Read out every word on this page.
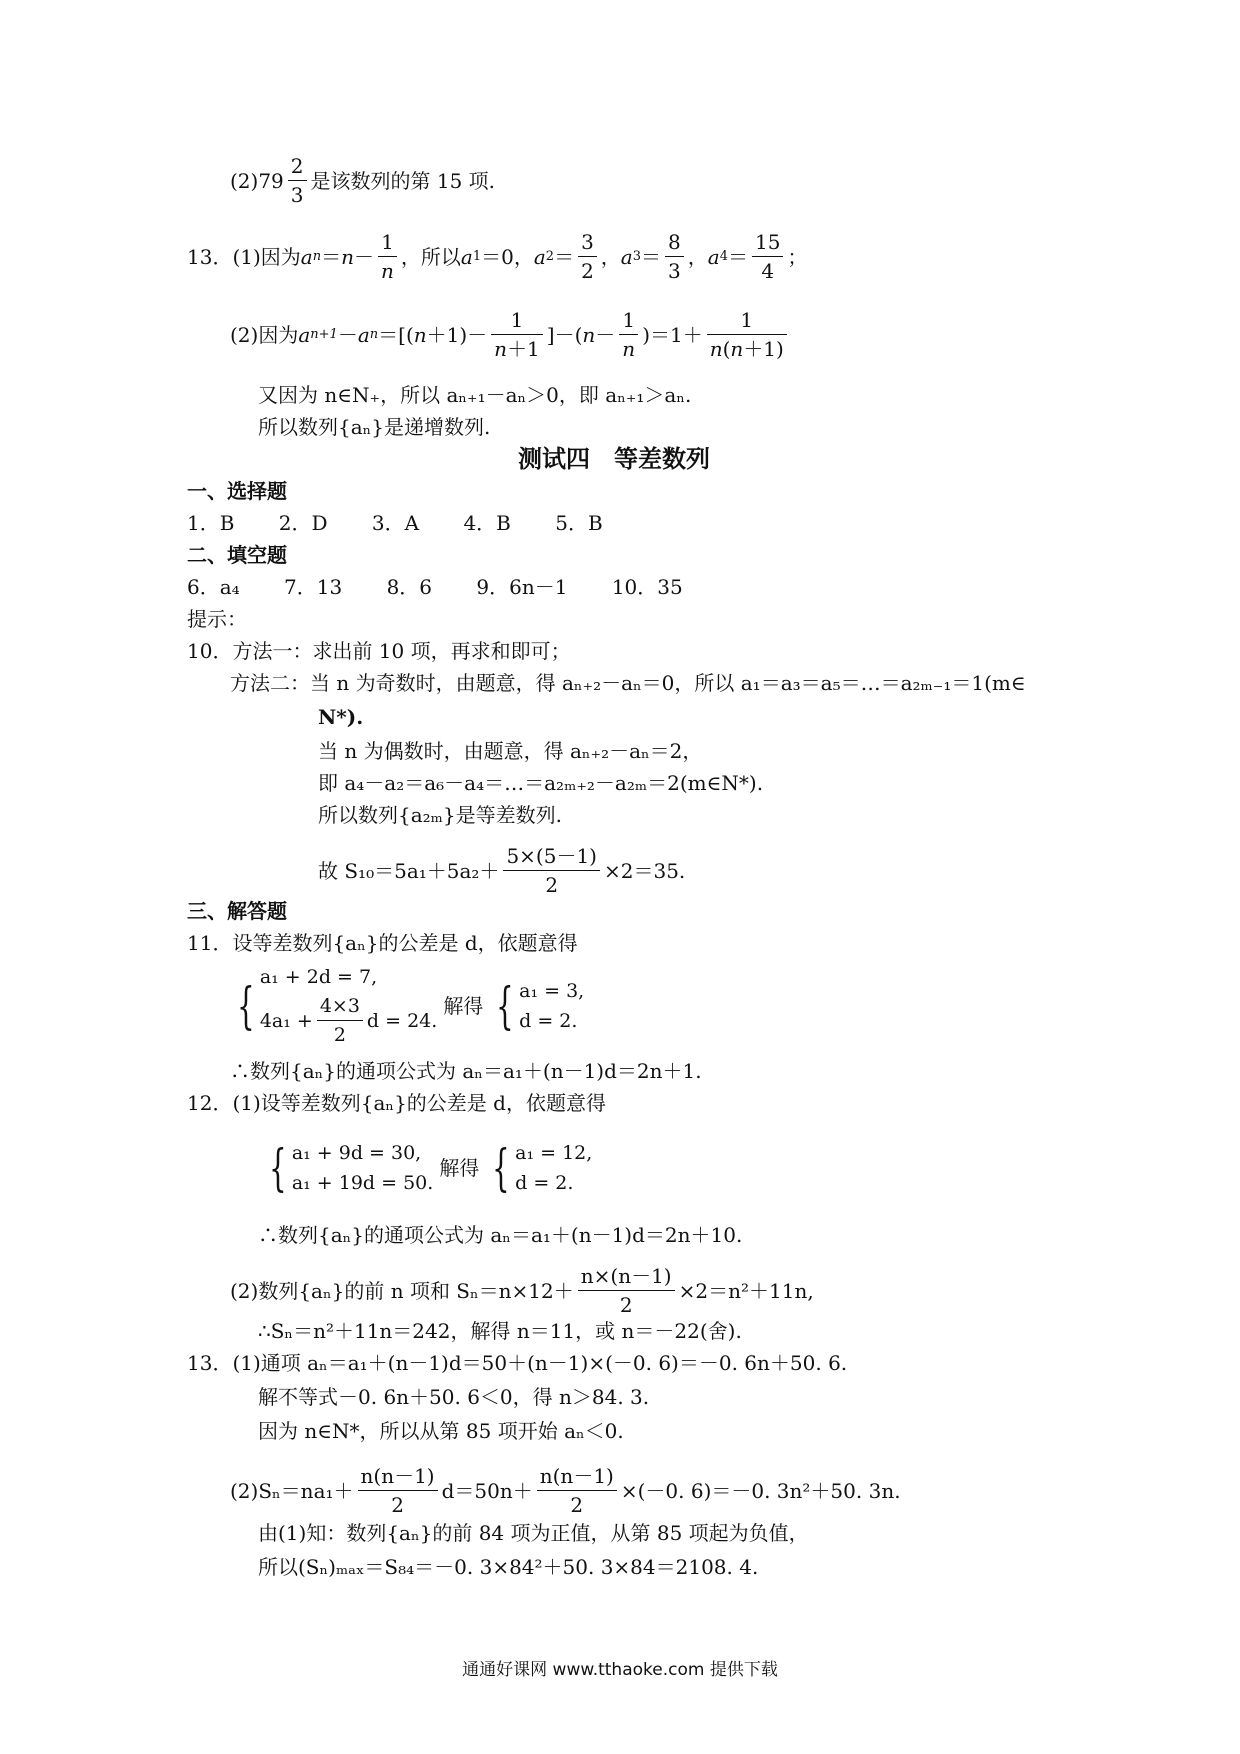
$(2)79 \frac{2}{3}$ 是该数列的第 15 项.
13． (1)因为 a $n = n - \frac{1}{n}$ ，所以 a 1 ＝0， a $2 = \frac{3}{2}$ ， a $3 = \frac{8}{3}$ ， a $4 = \frac{15}{4}$ ；
(2)因为 a n+1 － a n ＝[( $n +1)- \frac{1}{n+1}$ ]－( $n - \frac{1}{n} )=1+ \frac{1}{n(n+1)}$
又因为 n∈N₊，所以 aₙ₊₁－aₙ＞0，即 aₙ₊₁＞aₙ.
所以数列{aₙ}是递增数列.
测试四　等差数列
一、选择题
1．B 2．D 3．A 4．B 5．B
二、填空题
6．a₄ 7．13 8．6 9．6n－1 10．35
提示：
10．方法一：求出前 10 项，再求和即可；
方法二：当 n 为奇数时，由题意，得 aₙ₊₂－aₙ＝0，所以 a₁＝a₃＝a₅＝…＝a₂ₘ₋₁＝1(m∈
N*).
当 n 为偶数时，由题意，得 aₙ₊₂－aₙ＝2，
即 a₄－a₂＝a₆－a₄＝…＝a₂ₘ₊₂－a₂ₘ＝2(m∈N*).
所以数列{a₂ₘ}是等差数列.
故 $S_{10}=5a_1+5a_2+ \frac{5\times(5-1)}{2} \times 2=35$.
三、解答题
11．设等差数列{aₙ}的公差是 d，依题意得
{ a₁ + 2d = 7,
$4a_1 + \frac{4\times 3}{2}$ d = 24.
解得 { a₁ = 3,
d = 2.
∴数列{aₙ}的通项公式为 aₙ＝a₁＋(n－1)d＝2n＋1.
12．(1)设等差数列{aₙ}的公差是 d，依题意得
{ a₁ + 9d = 30,
a₁ + 19d = 50.
解得 { a₁ = 12,
d = 2.
∴数列{aₙ}的通项公式为 aₙ＝a₁＋(n－1)d＝2n＋10.
(2)数列{aₙ}的前 n 项和 $S_n=n\times 12+ \frac{n\times(n-1)}{2} \times 2=n^2+11n$,
∴Sₙ＝n²＋11n＝242，解得 n＝11，或 n＝－22(舍).
13．(1)通项 aₙ＝a₁＋(n－1)d＝50＋(n－1)×(－0. 6)＝－0. 6n＋50. 6.
解不等式－0. 6n＋50. 6＜0，得 n＞84. 3.
因为 n∈N*，所以从第 85 项开始 aₙ＜0.
$(2)S_n=na_1+ \frac{n(n-1)}{2} d=50n+ \frac{n(n-1)}{2} \times(-0$. 6)＝－0. 3n²＋50. 3n.
由(1)知：数列{aₙ}的前 84 项为正值，从第 85 项起为负值，
所以(Sₙ)ₘₐₓ＝S₈₄＝－0. 3×84²＋50. 3×84＝2108. 4.
通通好课网 www.tthaoke.com 提供下载
